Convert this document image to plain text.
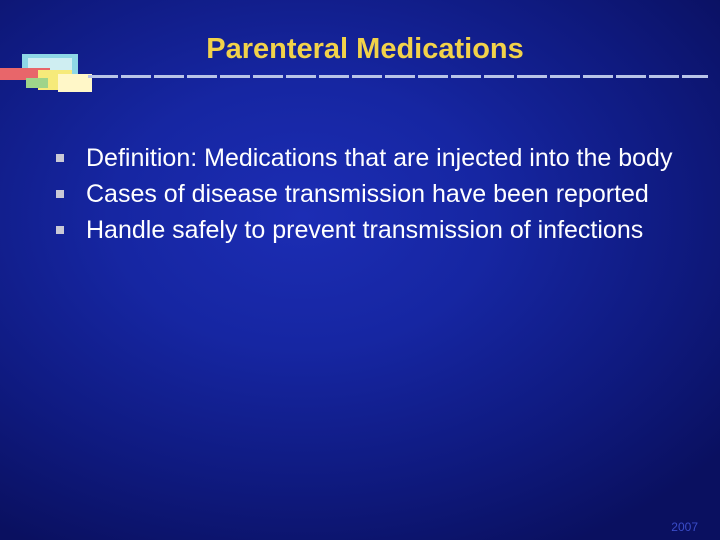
Parenteral Medications
Definition: Medications that are injected into the body
Cases of disease transmission have been reported
Handle safely to prevent transmission of infections
2007
